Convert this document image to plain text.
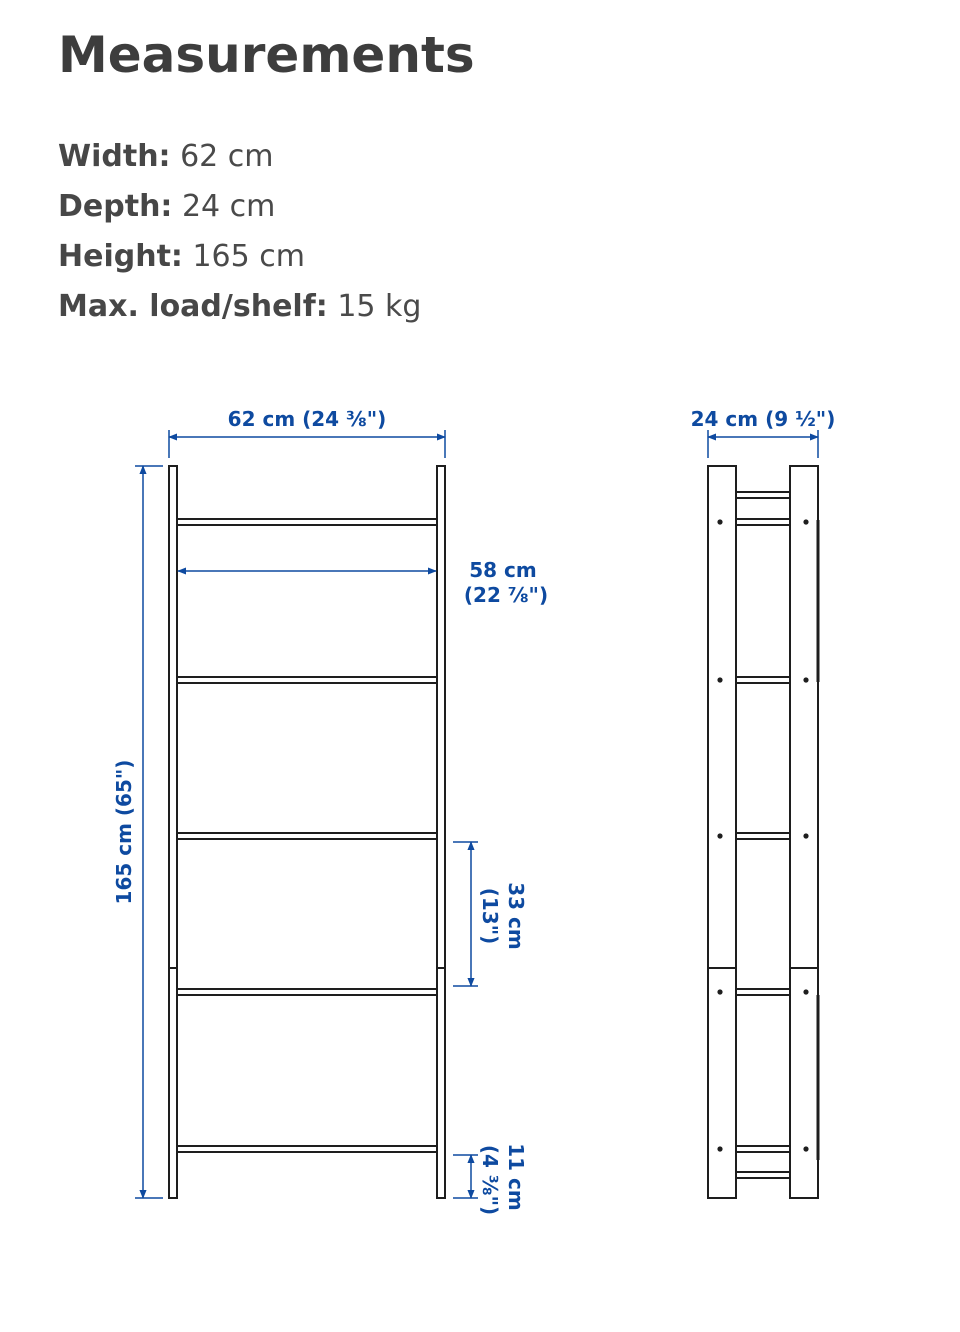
Measurements
Width: 62 cm
Depth: 24 cm
Height: 165 cm
Max. load/shelf: 15 kg
62 cm (24 ⅜")
58 cm
(22 ⅞")
165 cm (65")
33 cm
(13")
11 cm
(4 ⅜")
24 cm (9 ½")
